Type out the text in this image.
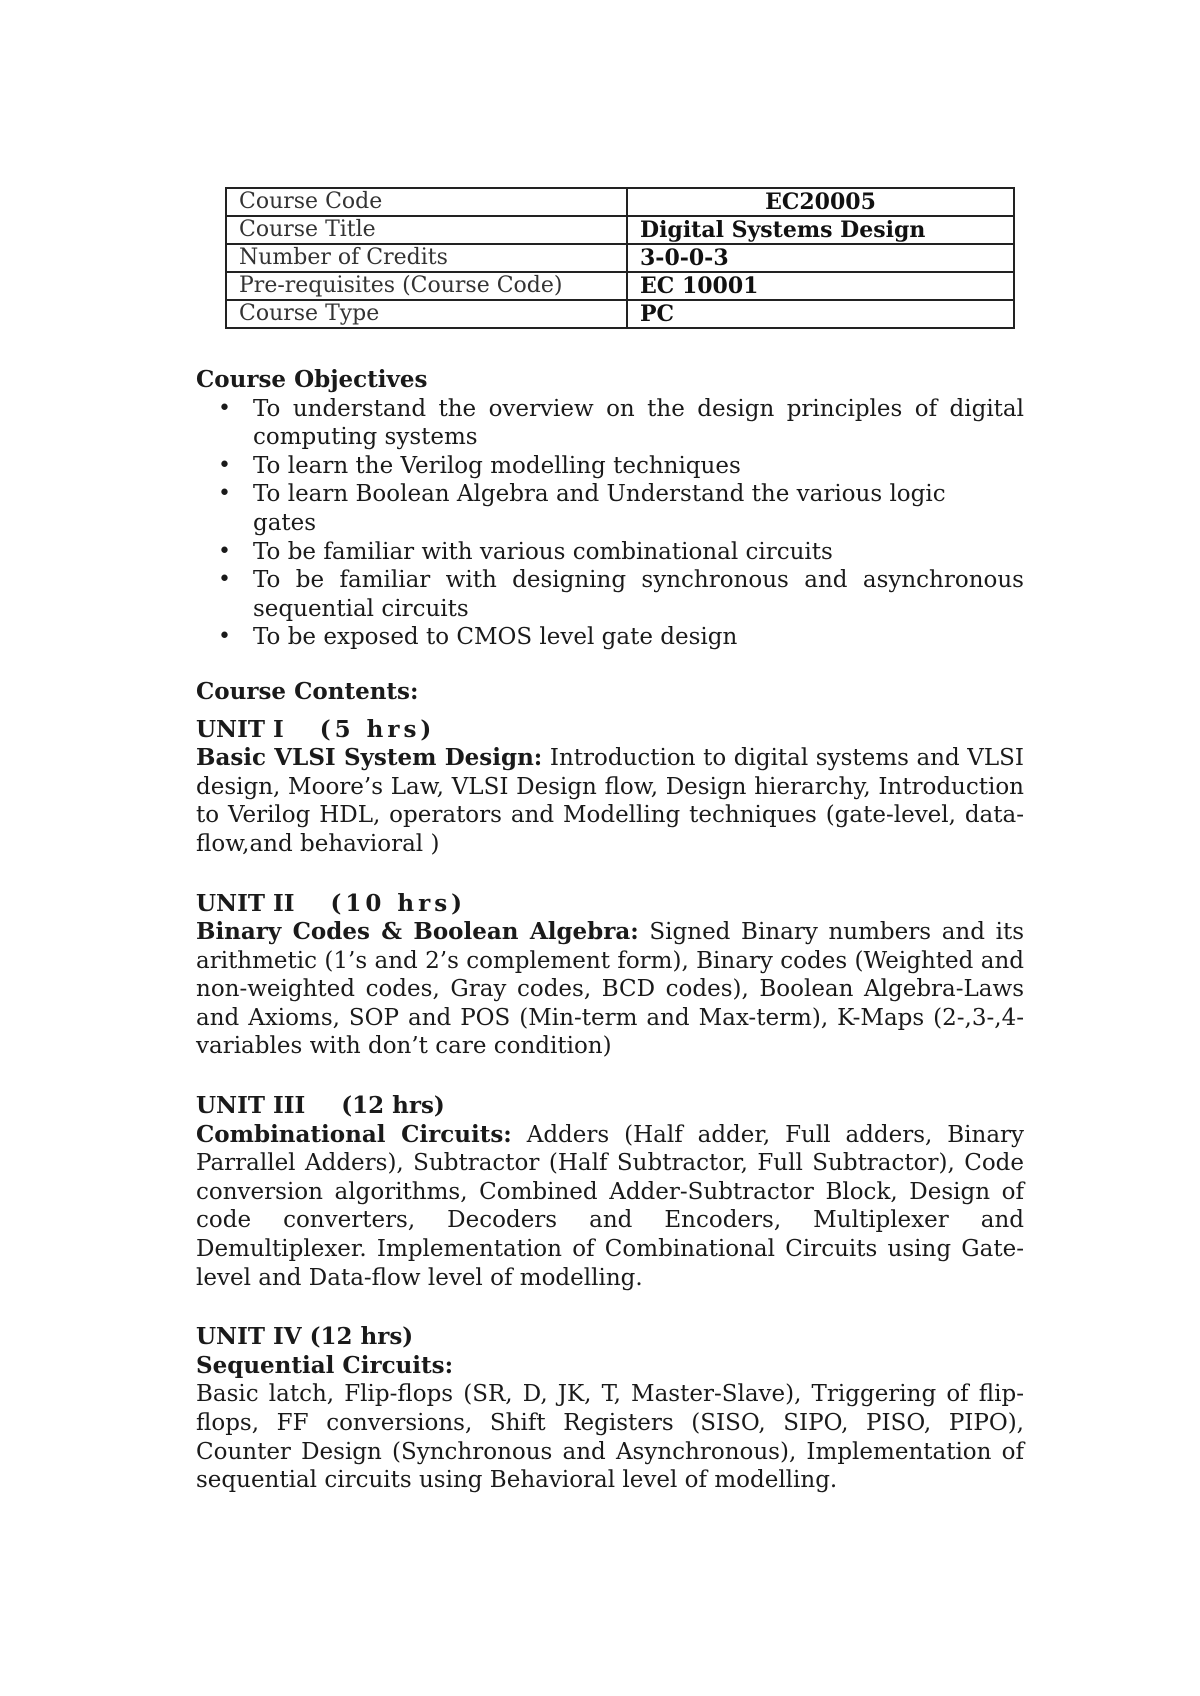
Course Code	EC20005
Course Title	Digital Systems Design
Number of Credits	3-0-0-3
Pre-requisites (Course Code)	EC 10001
Course Type	PC

Course Objectives

• To understand the overview on the design principles of digital computing systems
• To learn the Verilog modelling techniques
• To learn Boolean Algebra and Understand the various logic gates
• To be familiar with various combinational circuits
• To be familiar with designing synchronous and asynchronous sequential circuits
• To be exposed to CMOS level gate design

Course Contents:

UNIT I (5 hrs)

Basic VLSI System Design: Introduction to digital systems and VLSI design, Moore’s Law, VLSI Design flow, Design hierarchy, Introduction to Verilog HDL, operators and Modelling techniques (gate-level, data-flow,and behavioral )

UNIT II (10 hrs)

Binary Codes & Boolean Algebra: Signed Binary numbers and its arithmetic (1’s and 2’s complement form), Binary codes (Weighted and non-weighted codes, Gray codes, BCD codes), Boolean Algebra-Laws and Axioms, SOP and POS (Min-term and Max-term), K-Maps (2-,3-,4- variables with don’t care condition)

UNIT III (12 hrs)

Combinational Circuits: Adders (Half adder, Full adders, Binary Parrallel Adders), Subtractor (Half Subtractor, Full Subtractor), Code conversion algorithms, Combined Adder-Subtractor Block, Design of code converters, Decoders and Encoders, Multiplexer and Demultiplexer. Implementation of Combinational Circuits using Gate-level and Data-flow level of modelling.

UNIT IV (12 hrs)

Sequential Circuits:

Basic latch, Flip-flops (SR, D, JK, T, Master-Slave), Triggering of flip-flops, FF conversions, Shift Registers (SISO, SIPO, PISO, PIPO), Counter Design (Synchronous and Asynchronous), Implementation of sequential circuits using Behavioral level of modelling.
